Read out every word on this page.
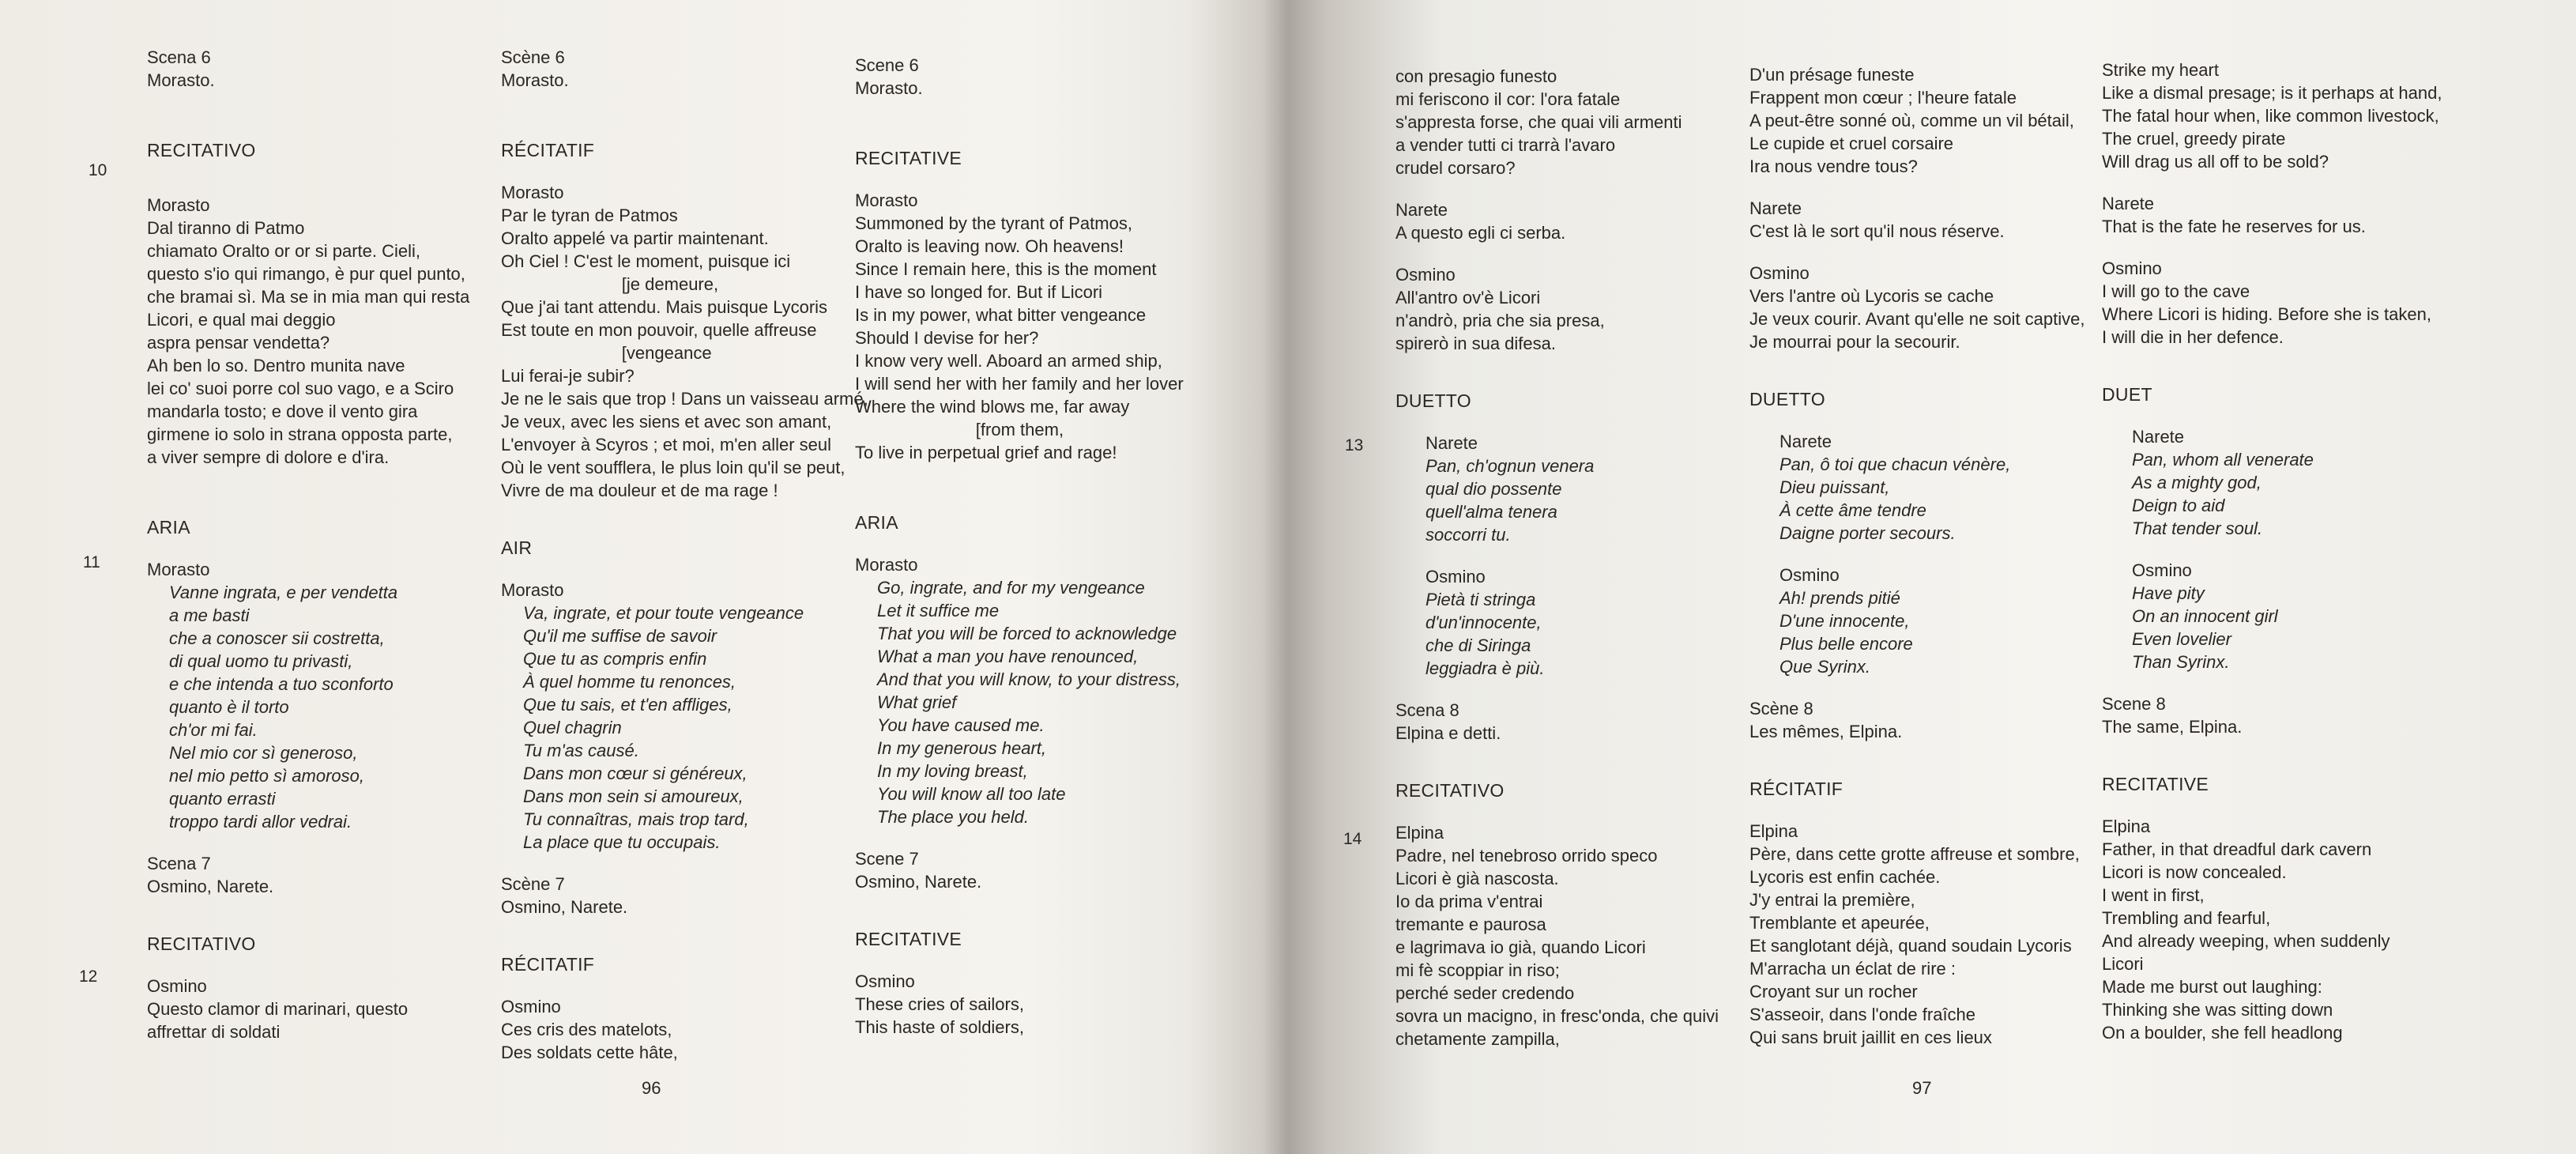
10
11
12
Scena 6
Morasto.
RECITATIVO
Morasto
Dal tiranno di Patmo
chiamato Oralto or or si parte. Cieli,
questo s'io qui rimango, è pur quel punto,
che bramai sì. Ma se in mia man qui resta
Licori, e qual mai deggio
aspra pensar vendetta?
Ah ben lo so. Dentro munita nave
lei co' suoi porre col suo vago, e a Sciro
mandarla tosto; e dove il vento gira
girmene io solo in strana opposta parte,
a viver sempre di dolore e d'ira.
ARIA
Morasto
Vanne ingrata, e per vendetta
a me basti
che a conoscer sii costretta,
di qual uomo tu privasti,
e che intenda a tuo sconforto
quanto è il torto
ch'or mi fai.
Nel mio cor sì generoso,
nel mio petto sì amoroso,
quanto errasti
troppo tardi allor vedrai.
Scena 7
Osmino, Narete.
RECITATIVO
Osmino
Questo clamor di marinari, questo
affrettar di soldati
Scène 6
Morasto.
RÉCITATIF
Morasto
Par le tyran de Patmos
Oralto appelé va partir maintenant.
Oh Ciel ! C'est le moment, puisque ici
[je demeure,
Que j'ai tant attendu. Mais puisque Lycoris
Est toute en mon pouvoir, quelle affreuse
[vengeance
Lui ferai-je subir?
Je ne le sais que trop ! Dans un vaisseau armé,
Je veux, avec les siens et avec son amant,
L'envoyer à Scyros ; et moi, m'en aller seul
Où le vent soufflera, le plus loin qu'il se peut,
Vivre de ma douleur et de ma rage !
AIR
Morasto
Va, ingrate, et pour toute vengeance
Qu'il me suffise de savoir
Que tu as compris enfin
À quel homme tu renonces,
Que tu sais, et t'en affliges,
Quel chagrin
Tu m'as causé.
Dans mon cœur si généreux,
Dans mon sein si amoureux,
Tu connaîtras, mais trop tard,
La place que tu occupais.
Scène 7
Osmino, Narete.
RÉCITATIF
Osmino
Ces cris des matelots,
Des soldats cette hâte,
Scene 6
Morasto.
RECITATIVE
Morasto
Summoned by the tyrant of Patmos,
Oralto is leaving now. Oh heavens!
Since I remain here, this is the moment
I have so longed for. But if Licori
Is in my power, what bitter vengeance
Should I devise for her?
I know very well. Aboard an armed ship,
I will send her with her family and her lover
Where the wind blows me, far away
[from them,
To live in perpetual grief and rage!
ARIA
Morasto
Go, ingrate, and for my vengeance
Let it suffice me
That you will be forced to acknowledge
What a man you have renounced,
And that you will know, to your distress,
What grief
You have caused me.
In my generous heart,
In my loving breast,
You will know all too late
The place you held.
Scene 7
Osmino, Narete.
RECITATIVE
Osmino
These cries of sailors,
This haste of soldiers,
96
13
14
con presagio funesto
mi feriscono il cor: l'ora fatale
s'appresta forse, che quai vili armenti
a vender tutti ci trarrà l'avaro
crudel corsaro?
Narete
A questo egli ci serba.
Osmino
All'antro ov'è Licori
n'andrò, pria che sia presa,
spirerò in sua difesa.
DUETTO
Narete
Pan, ch'ognun venera
qual dio possente
quell'alma tenera
soccorri tu.
Osmino
Pietà ti stringa
d'un'innocente,
che di Siringa
leggiadra è più.
Scena 8
Elpina e detti.
RECITATIVO
Elpina
Padre, nel tenebroso orrido speco
Licori è già nascosta.
Io da prima v'entrai
tremante e paurosa
e lagrimava io già, quando Licori
mi fè scoppiar in riso;
perché seder credendo
sovra un macigno, in fresc'onda, che quivi
chetamente zampilla,
D'un présage funeste
Frappent mon cœur ; l'heure fatale
A peut-être sonné où, comme un vil bétail,
Le cupide et cruel corsaire
Ira nous vendre tous?
Narete
C'est là le sort qu'il nous réserve.
Osmino
Vers l'antre où Lycoris se cache
Je veux courir. Avant qu'elle ne soit captive,
Je mourrai pour la secourir.
DUETTO
Narete
Pan, ô toi que chacun vénère,
Dieu puissant,
À cette âme tendre
Daigne porter secours.
Osmino
Ah! prends pitié
D'une innocente,
Plus belle encore
Que Syrinx.
Scène 8
Les mêmes, Elpina.
RÉCITATIF
Elpina
Père, dans cette grotte affreuse et sombre,
Lycoris est enfin cachée.
J'y entrai la première,
Tremblante et apeurée,
Et sanglotant déjà, quand soudain Lycoris
M'arracha un éclat de rire :
Croyant sur un rocher
S'asseoir, dans l'onde fraîche
Qui sans bruit jaillit en ces lieux
Strike my heart
Like a dismal presage; is it perhaps at hand,
The fatal hour when, like common livestock,
The cruel, greedy pirate
Will drag us all off to be sold?
Narete
That is the fate he reserves for us.
Osmino
I will go to the cave
Where Licori is hiding. Before she is taken,
I will die in her defence.
DUET
Narete
Pan, whom all venerate
As a mighty god,
Deign to aid
That tender soul.
Osmino
Have pity
On an innocent girl
Even lovelier
Than Syrinx.
Scene 8
The same, Elpina.
RECITATIVE
Elpina
Father, in that dreadful dark cavern
Licori is now concealed.
I went in first,
Trembling and fearful,
And already weeping, when suddenly
Licori
Made me burst out laughing:
Thinking she was sitting down
On a boulder, she fell headlong
97
